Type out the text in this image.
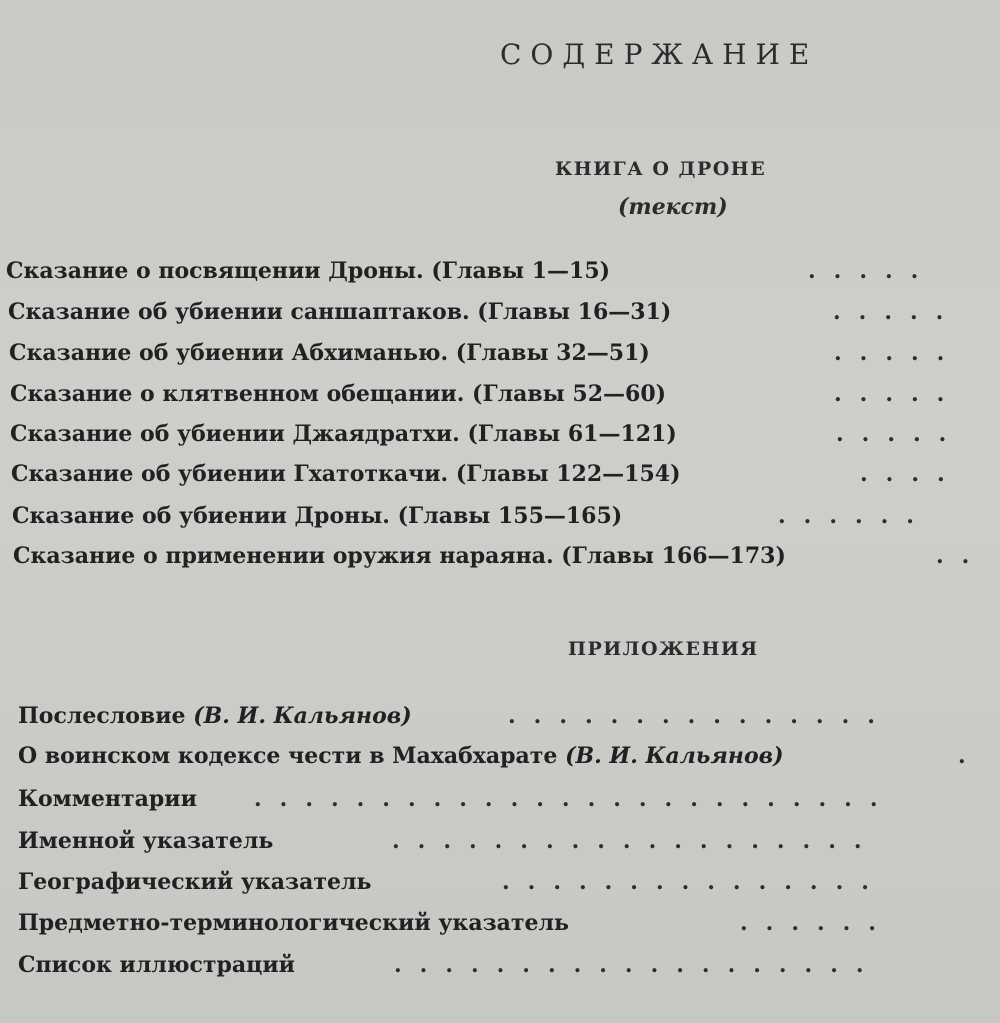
СОДЕРЖАНИЕ
КНИГА О ДРОНЕ
(текст)
Сказание о посвящении Дроны. (Главы 1—15)	.....
Сказание об убиении саншаптаков. (Главы 16—31)	.....
Сказание об убиении Абхиманью. (Главы 32—51)	.....
Сказание о клятвенном обещании. (Главы 52—60)	.....
Сказание об убиении Джаядратхи. (Главы 61—121)	.....
Сказание об убиении Гхатоткачи. (Главы 122—154)	....
Сказание об убиении Дроны. (Главы 155—165)	......
Сказание о применении оружия нараяна. (Главы 166—173)	..
ПРИЛОЖЕНИЯ
Послесловие (В. И. Кальянов)	...............
О воинском кодексе чести в Махабхарате (В. И. Кальянов)	.
Комментарии	.........................
Именной указатель	...................
Географический указатель	...............
Предметно-терминологический указатель	......
Список иллюстраций	...................
